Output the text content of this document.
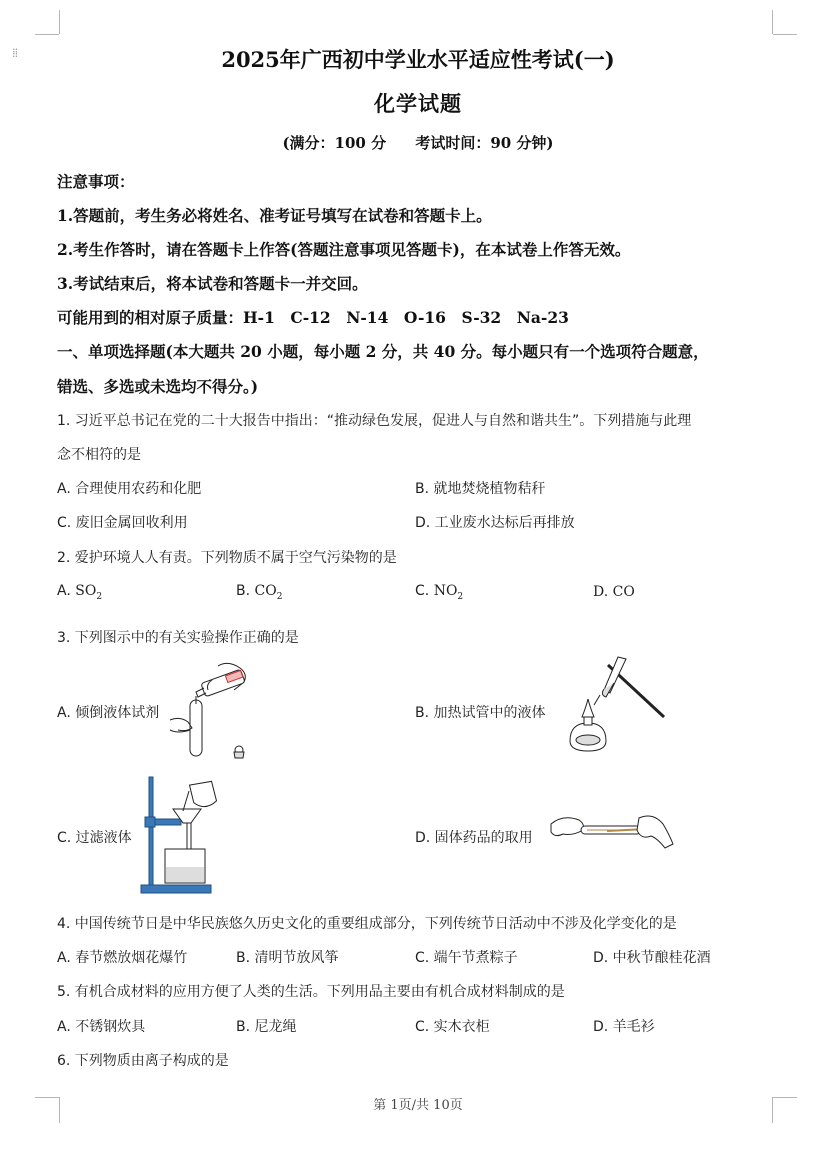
⁞⁞	2025年广西初中学业水平适应性考试(一)
化学试题
(满分：100 分 考试时间：90 分钟)
注意事项：
1.答题前，考生务必将姓名、准考证号填写在试卷和答题卡上。
2.考生作答时，请在答题卡上作答(答题注意事项见答题卡)，在本试卷上作答无效。
3.考试结束后，将本试卷和答题卡一并交回。
可能用到的相对原子质量：H-1　C-12　N-14　O-16　S-32　Na-23
一、单项选择题(本大题共 20 小题，每小题 2 分，共 40 分。每小题只有一个选项符合题意，
错选、多选或未选均不得分。)
1. 习近平总书记在党的二十大报告中指出：“推动绿色发展，促进人与自然和谐共生”。下列措施与此理
念不相符的是
A. 合理使用农药和化肥	B. 就地焚烧植物秸秆
C. 废旧金属回收利用	D. 工业废水达标后再排放
2. 爱护环境人人有责。下列物质不属于空气污染物的是
A. $SO_2$	B. $CO_2$	C. $NO_2$	D. CO
3. 下列图示中的有关实验操作正确的是
A. 倾倒液体试剂	B. 加热试管中的液体
C. 过滤液体	D. 固体药品的取用
4. 中国传统节日是中华民族悠久历史文化的重要组成部分，下列传统节日活动中不涉及化学变化的是
A. 春节燃放烟花爆竹	B. 清明节放风筝	C. 端午节煮粽子	D. 中秋节酿桂花酒
5. 有机合成材料的应用方便了人类的生活。下列用品主要由有机合成材料制成的是
A. 不锈钢炊具	B. 尼龙绳	C. 实木衣柜	D. 羊毛衫
6. 下列物质由离子构成的是
第 1页/共 10页
